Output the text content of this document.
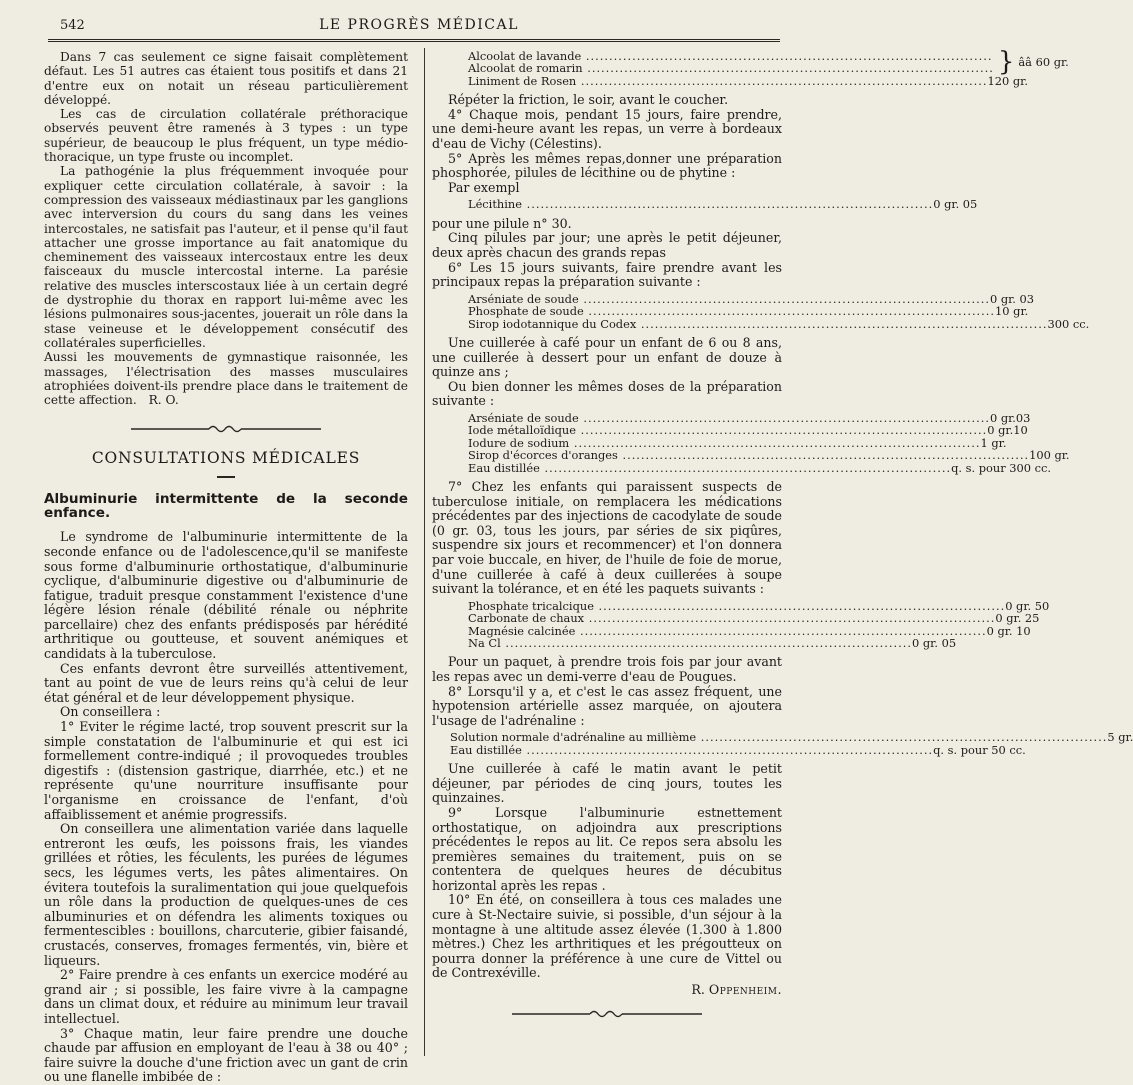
542	LE PROGRÈS MÉDICAL

Dans 7 cas seulement ce signe faisait complètement défaut. Les 51 autres cas étaient tous positifs et dans 21 d'entre eux on notait un réseau particulièrement développé.

Les cas de circulation collatérale préthoracique observés peuvent être ramenés à 3 types : un type supérieur, de beaucoup le plus fréquent, un type médio-thoracique, un type fruste ou incomplet.

La pathogénie la plus fréquemment invoquée pour expliquer cette circulation collatérale, à savoir : la compression des vaisseaux médiastinaux par les ganglions avec interversion du cours du sang dans les veines intercostales, ne satisfait pas l'auteur, et il pense qu'il faut attacher une grosse importance au fait anatomique du cheminement des vaisseaux intercostaux entre les deux faisceaux du muscle intercostal interne. La parésie relative des muscles interscostaux liée à un certain degré de dystrophie du thorax en rapport lui-même avec les lésions pulmonaires sous-jacentes, jouerait un rôle dans la stase veineuse et le développement consécutif des collatérales superficielles.

Aussi les mouvements de gymnastique raisonnée, les massages, l'électrisation des masses musculaires atrophiées doivent-ils prendre place dans le traitement de cette affection. R. O.
CONSULTATIONS MÉDICALES

Albuminurie intermittente de la seconde enfance.

Le syndrome de l'albuminurie intermittente de la seconde enfance ou de l'adolescence,qu'il se manifeste sous forme d'albuminurie orthostatique, d'albuminurie cyclique, d'albuminurie digestive ou d'albuminurie de fatigue, traduit presque constamment l'existence d'une légère lésion rénale (débilité rénale ou néphrite parcellaire) chez des enfants prédisposés par hérédité arthritique ou goutteuse, et souvent anémiques et candidats à la tuberculose.

Ces enfants devront être surveillés attentivement, tant au point de vue de leurs reins qu'à celui de leur état général et de leur développement physique.

On conseillera :

1° Eviter le régime lacté, trop souvent prescrit sur la simple constatation de l'albuminurie et qui est ici formellement contre-indiqué ; il provoquedes troubles digestifs : (distension gastrique, diarrhée, etc.) et ne représente qu'une nourriture insuffisante pour l'organisme en croissance de l'enfant, d'où affaiblissement et anémie progressifs.

On conseillera une alimentation variée dans laquelle entreront les œufs, les poissons frais, les viandes grillées et rôties, les féculents, les purées de légumes secs, les légumes verts, les pâtes alimentaires. On évitera toutefois la suralimentation qui joue quelquefois un rôle dans la production de quelques-unes de ces albuminuries et on défendra les aliments toxiques ou fermentescibles : bouillons, charcuterie, gibier faisandé, crustacés, conserves, fromages fermentés, vin, bière et liqueurs.

2° Faire prendre à ces enfants un exercice modéré au grand air ; si possible, les faire vivre à la campagne dans un climat doux, et réduire au minimum leur travail intellectuel.

3° Chaque matin, leur faire prendre une douche chaude par affusion en employant de l'eau à 38 ou 40° ; faire suivre la douche d'une friction avec un gant de crin ou une flanelle imbibée de :

Alcoolat de lavande .....
Alcoolat de romarin .....	} ââ 60 gr.
Liniment de Rosen .....	120 gr.

Répéter la friction, le soir, avant le coucher.

4° Chaque mois, pendant 15 jours, faire prendre, une demi-heure avant les repas, un verre à bordeaux d'eau de Vichy (Célestins).

5° Après les mêmes repas,donner une préparation phosphorée, pilules de lécithine ou de phytine :

Par exempl

Lécithine .....	0 gr. 05

pour une pilule n° 30.

Cinq pilules par jour; une après le petit déjeuner, deux après chacun des grands repas

6° Les 15 jours suivants, faire prendre avant les principaux repas la préparation suivante :

Arséniate de soude .....	0 gr. 03
Phosphate de soude .....	10 gr.
Sirop iodotannique du Codex .....	300 cc.

Une cuillerée à café pour un enfant de 6 ou 8 ans, une cuillerée à dessert pour un enfant de douze à quinze ans ;

Ou bien donner les mêmes doses de la préparation suivante :

Arséniate de soude .....	0 gr.03
Iode métalloïdique .....	0 gr.10
Iodure de sodium .....	1 gr.
Sirop d'écorces d'oranges .....	100 gr.
Eau distillée .....	q. s. pour 300 cc.

7° Chez les enfants qui paraissent suspects de tuberculose initiale, on remplacera les médications précédentes par des injections de cacodylate de soude (0 gr. 03, tous les jours, par séries de six piqûres, suspendre six jours et recommencer) et l'on donnera par voie buccale, en hiver, de l'huile de foie de morue, d'une cuillerée à café à deux cuillerées à soupe suivant la tolérance, et en été les paquets suivants :

Phosphate tricalcique .....	0 gr. 50
Carbonate de chaux .....	0 gr. 25
Magnésie calcinée .....	0 gr. 10
Na Cl .....	0 gr. 05

Pour un paquet, à prendre trois fois par jour avant les repas avec un demi-verre d'eau de Pougues.

8° Lorsqu'il y a, et c'est le cas assez fréquent, une hypotension artérielle assez marquée, on ajoutera l'usage de l'adrénaline :

Solution normale d'adrénaline au millième .....	5 gr.
Eau distillée .....	q. s. pour 50 cc.

Une cuillerée à café le matin avant le petit déjeuner, par périodes de cinq jours, toutes les quinzaines.

9° Lorsque l'albuminurie estnettement orthostatique, on adjoindra aux prescriptions précédentes le repos au lit. Ce repos sera absolu les premières semaines du traitement, puis on se contentera de quelques heures de décubitus horizontal après les repas .

10° En été, on conseillera à tous ces malades une cure à St-Nectaire suivie, si possible, d'un séjour à la montagne à une altitude assez élevée (1.300 à 1.800 mètres.) Chez les arthritiques et les prégoutteux on pourra donner la préférence à une cure de Vittel ou de Contrexéville.

R. Oppenheim.
